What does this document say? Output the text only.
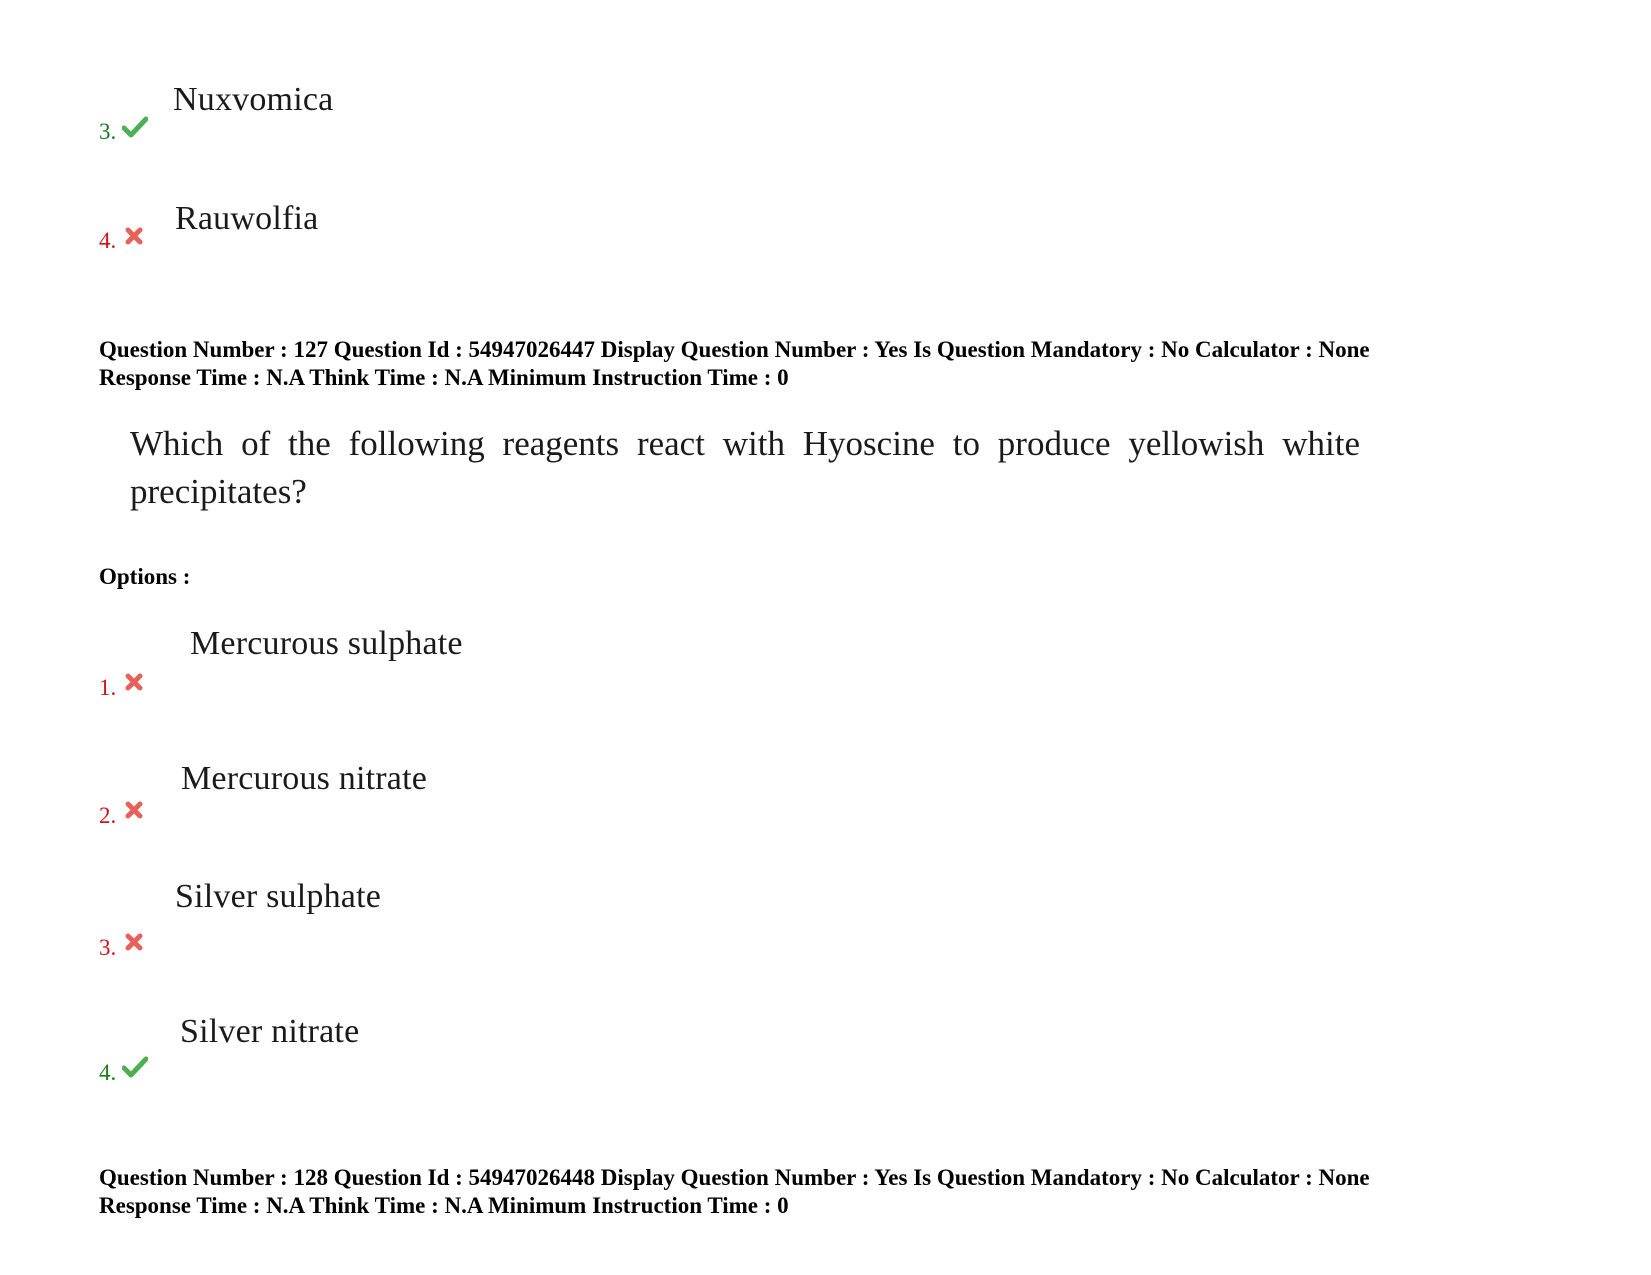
Nuxvomica
3.
Rauwolfia
4.
Question Number : 127 Question Id : 54947026447 Display Question Number : Yes Is Question Mandatory : No Calculator : None
Response Time : N.A Think Time : N.A Minimum Instruction Time : 0
Which of the following reagents react with Hyoscine to produce yellowish white precipitates?
Options :
Mercurous sulphate
1.
Mercurous nitrate
2.
Silver sulphate
3.
Silver nitrate
4.
Question Number : 128 Question Id : 54947026448 Display Question Number : Yes Is Question Mandatory : No Calculator : None
Response Time : N.A Think Time : N.A Minimum Instruction Time : 0
